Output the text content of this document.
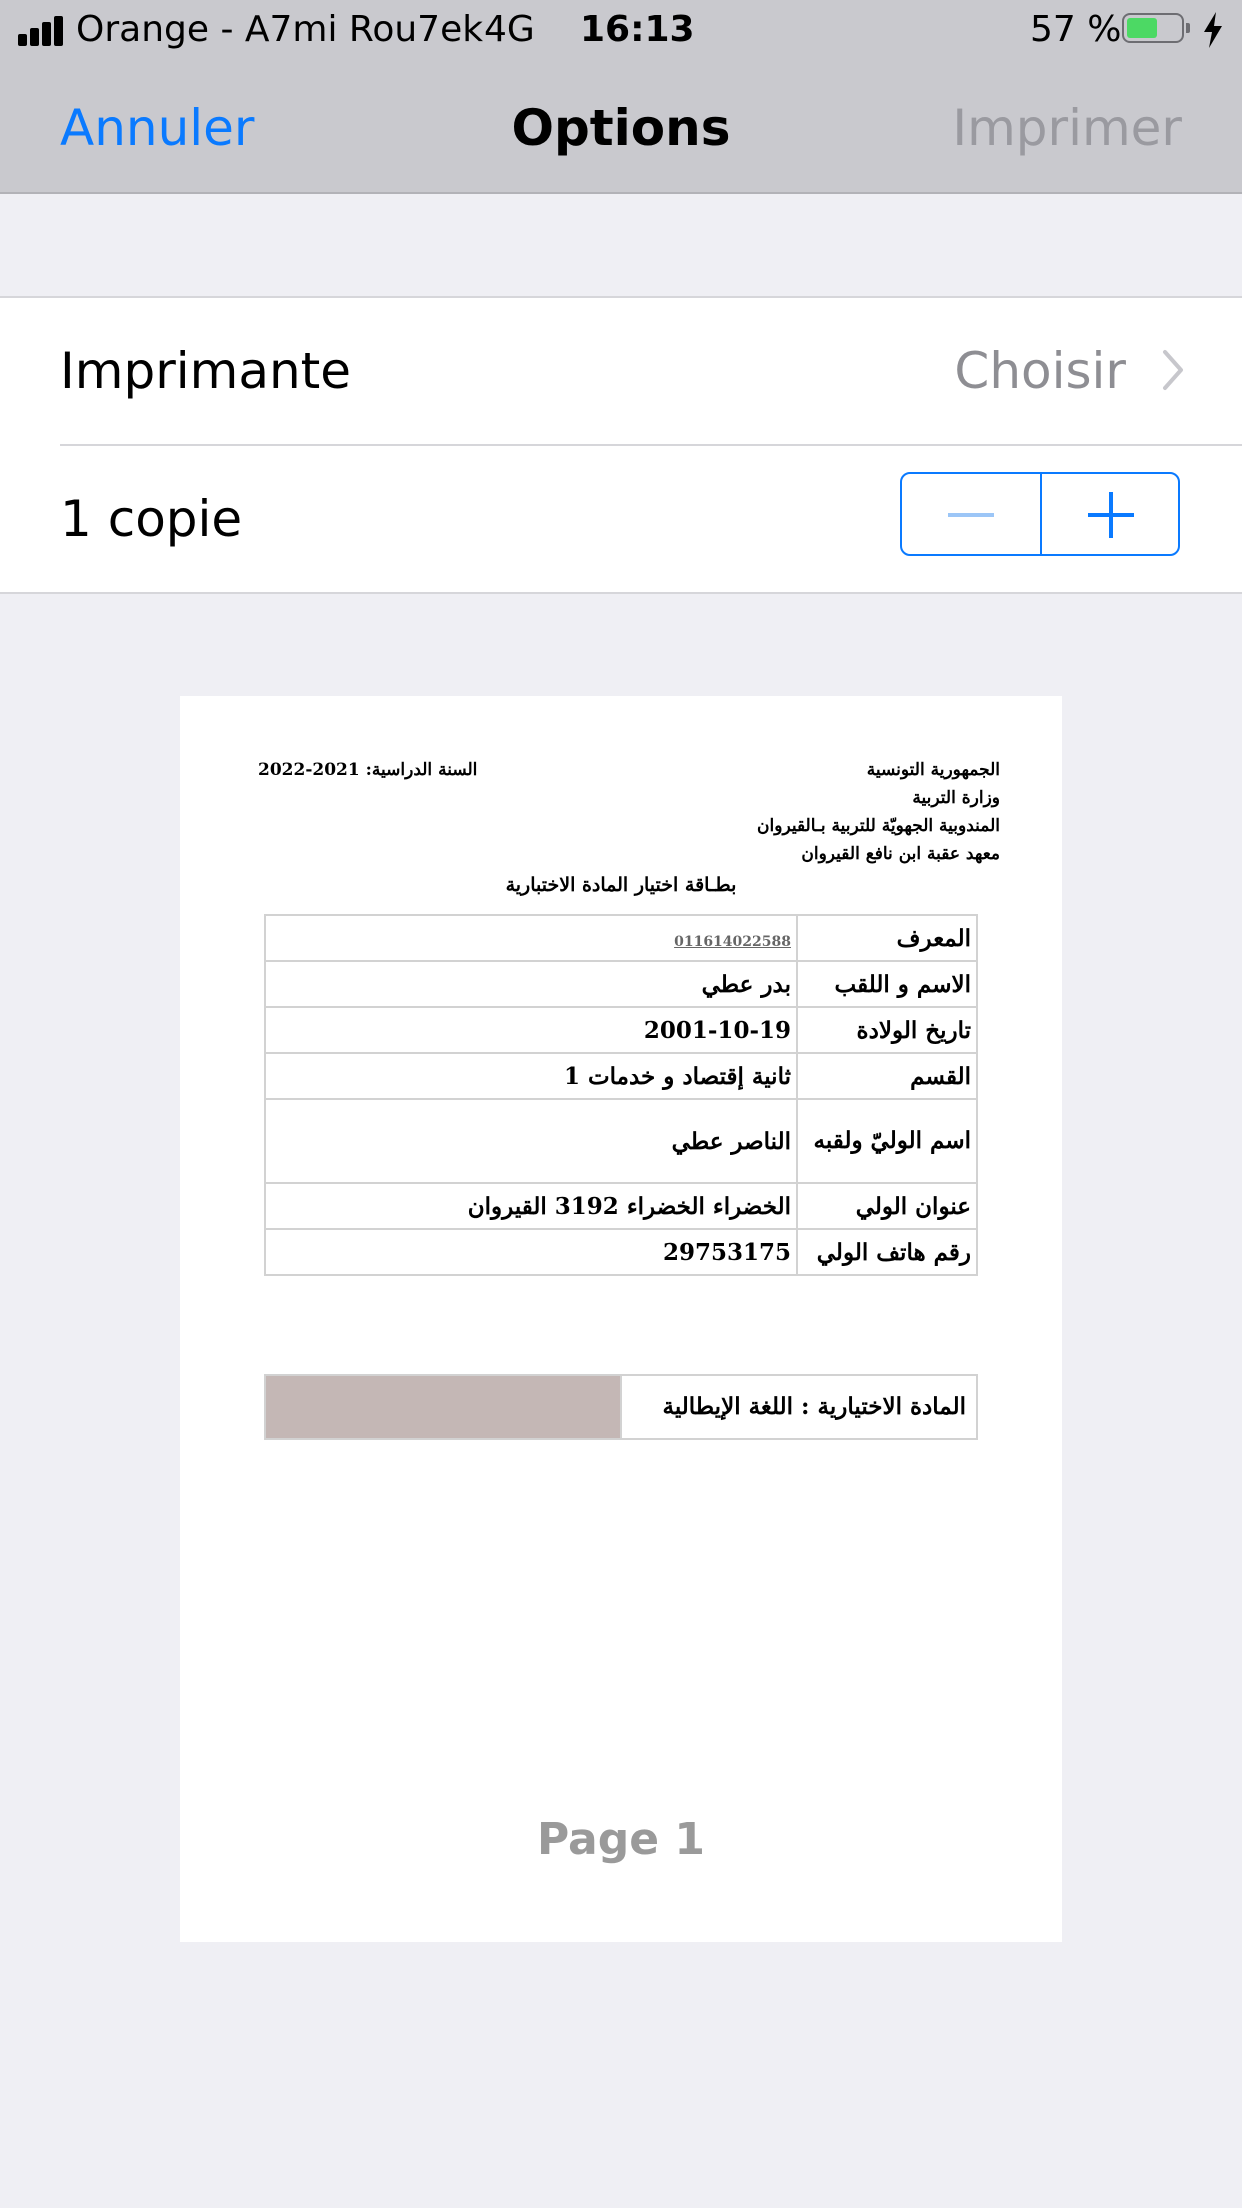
Orange - A7mi Rou7ek 4G 16:13	57 %
Annuler	Options	Imprimer
Imprimante	Choisir
1 copie
الجمهورية التونسية
وزارة التربية
المندوبية الجهويّة للتربية بـالقيروان
معهد عقبة ابن نافع القيروان
السنة الدراسية: 2021-2022
بطـاقة اختيار المادة الاختبارية
المعرف	011614022588
الاسم و اللقب	بدر عطي
تاريخ الولادة	2001-10-19
القسم	ثانية إقتصاد و خدمات 1
اسم الوليّ ولقبه	الناصر عطي
عنوان الولي	الخضراء الخضراء 3192 القيروان
رقم هاتف الولي	29753175
المادة الاختيارية : اللغة الإيطالية
Page 1
